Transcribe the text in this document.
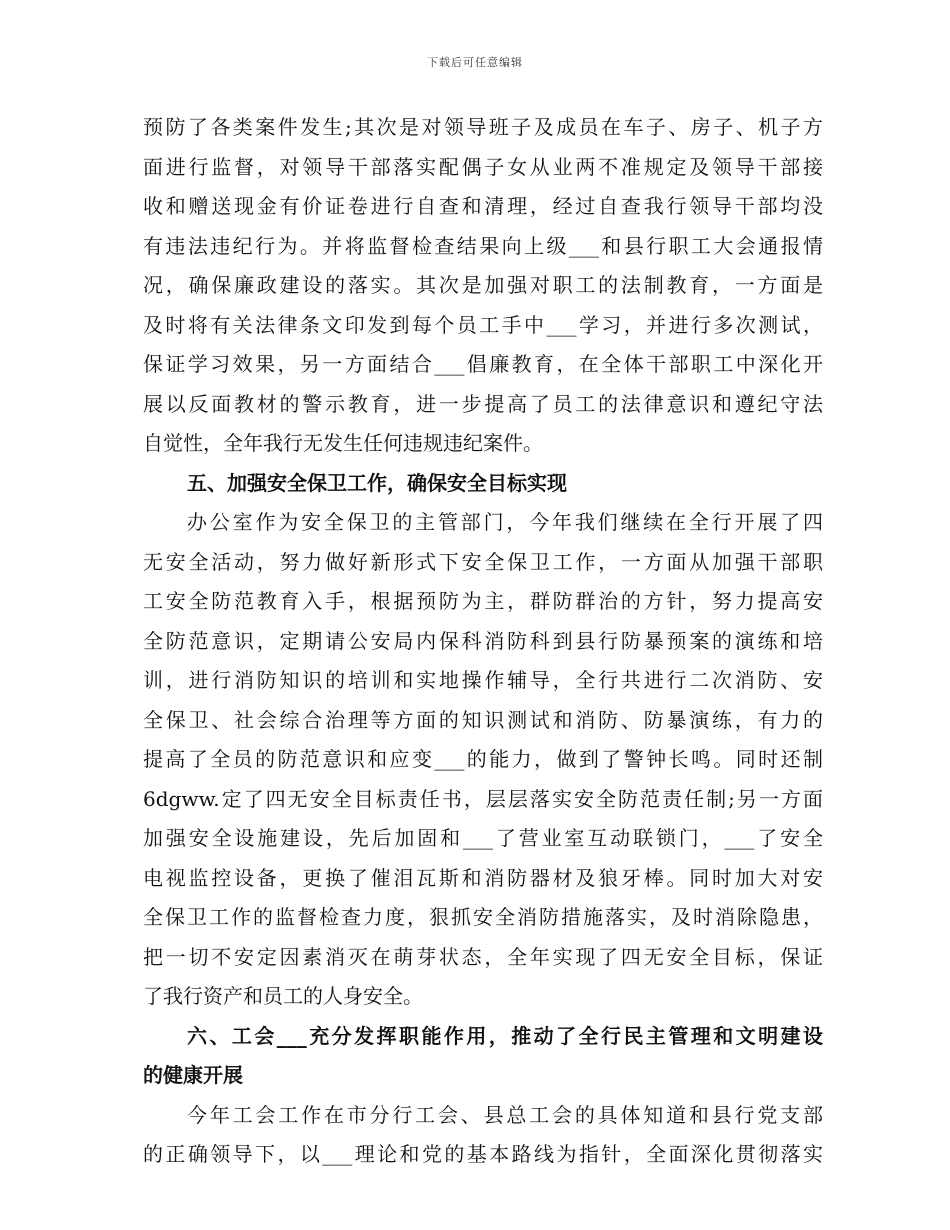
下载后可任意编辑
预防了各类案件发生;其次是对领导班子及成员在车子、房子、机子方
面进行监督，对领导干部落实配偶子女从业两不准规定及领导干部接
收和赠送现金有价证卷进行自查和清理，经过自查我行领导干部均没
有违法违纪行为。并将监督检查结果向上级___和县行职工大会通报情
况，确保廉政建设的落实。其次是加强对职工的法制教育，一方面是
及时将有关法律条文印发到每个员工手中___学习，并进行多次测试，
保证学习效果，另一方面结合___倡廉教育，在全体干部职工中深化开
展以反面教材的警示教育，进一步提高了员工的法律意识和遵纪守法
自觉性，全年我行无发生任何违规违纪案件。
五、加强安全保卫工作，确保安全目标实现
办公室作为安全保卫的主管部门，今年我们继续在全行开展了四
无安全活动，努力做好新形式下安全保卫工作，一方面从加强干部职
工安全防范教育入手，根据预防为主，群防群治的方针，努力提高安
全防范意识，定期请公安局内保科消防科到县行防暴预案的演练和培
训，进行消防知识的培训和实地操作辅导，全行共进行二次消防、安
全保卫、社会综合治理等方面的知识测试和消防、防暴演练，有力的
提高了全员的防范意识和应变___的能力，做到了警钟长鸣。同时还制
6dgww.定了四无安全目标责任书，层层落实安全防范责任制;另一方面
加强安全设施建设，先后加固和___了营业室互动联锁门，___了安全
电视监控设备，更换了催泪瓦斯和消防器材及狼牙棒。同时加大对安
全保卫工作的监督检查力度，狠抓安全消防措施落实，及时消除隐患，
把一切不安定因素消灭在萌芽状态，全年实现了四无安全目标，保证
了我行资产和员工的人身安全。
六、工会___充分发挥职能作用，推动了全行民主管理和文明建设
的健康开展
今年工会工作在市分行工会、县总工会的具体知道和县行党支部
的正确领导下，以___理论和党的基本路线为指针，全面深化贯彻落实
